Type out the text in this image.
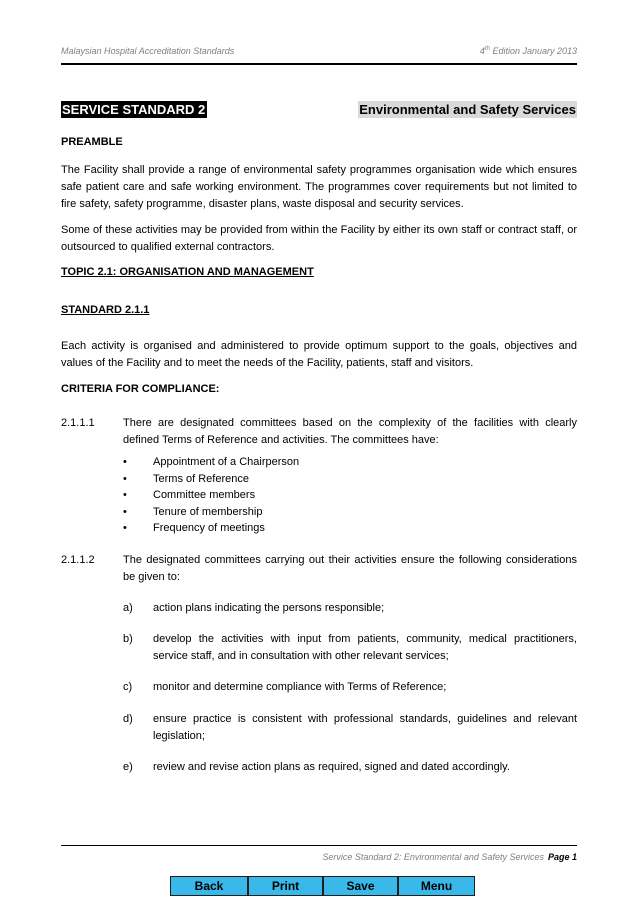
Malaysian Hospital Accreditation Standards	4th Edition January 2013
SERVICE STANDARD 2	Environmental and Safety Services
PREAMBLE
The Facility shall provide a range of environmental safety programmes organisation wide which ensures safe patient care and safe working environment. The programmes cover requirements but not limited to fire safety, safety programme, disaster plans, waste disposal and security services.
Some of these activities may be provided from within the Facility by either its own staff or contract staff, or outsourced to qualified external contractors.
TOPIC 2.1: ORGANISATION AND MANAGEMENT
STANDARD 2.1.1
Each activity is organised and administered to provide optimum support to the goals, objectives and values of the Facility and to meet the needs of the Facility, patients, staff and visitors.
CRITERIA FOR COMPLIANCE:
2.1.1.1	There are designated committees based on the complexity of the facilities with clearly defined Terms of Reference and activities. The committees have:
• Appointment of a Chairperson
• Terms of Reference
• Committee members
• Tenure of membership
• Frequency of meetings
2.1.1.2	The designated committees carrying out their activities ensure the following considerations be given to:
a) action plans indicating the persons responsible;
b) develop the activities with input from patients, community, medical practitioners, service staff, and in consultation with other relevant services;
c) monitor and determine compliance with Terms of Reference;
d) ensure practice is consistent with professional standards, guidelines and relevant legislation;
e) review and revise action plans as required, signed and dated accordingly.
Service Standard 2: Environmental and Safety Services Page 1
Back	Print	Save	Menu
